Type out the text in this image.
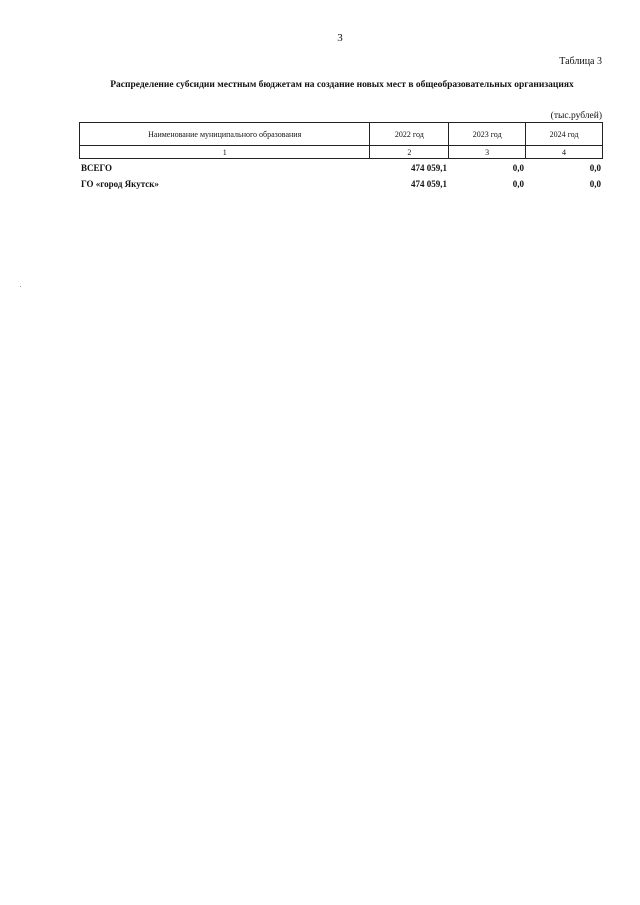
3
Таблица 3
Распределение субсидии местным бюджетам на создание новых мест в общеобразовательных организациях
(тыс.рублей)
Наименование муниципального образования	2022 год	2023 год	2024 год
1	2	3	4
ВСЕГО	474 059,1	0,0	0,0
ГО «город Якутск»	474 059,1	0,0	0,0
